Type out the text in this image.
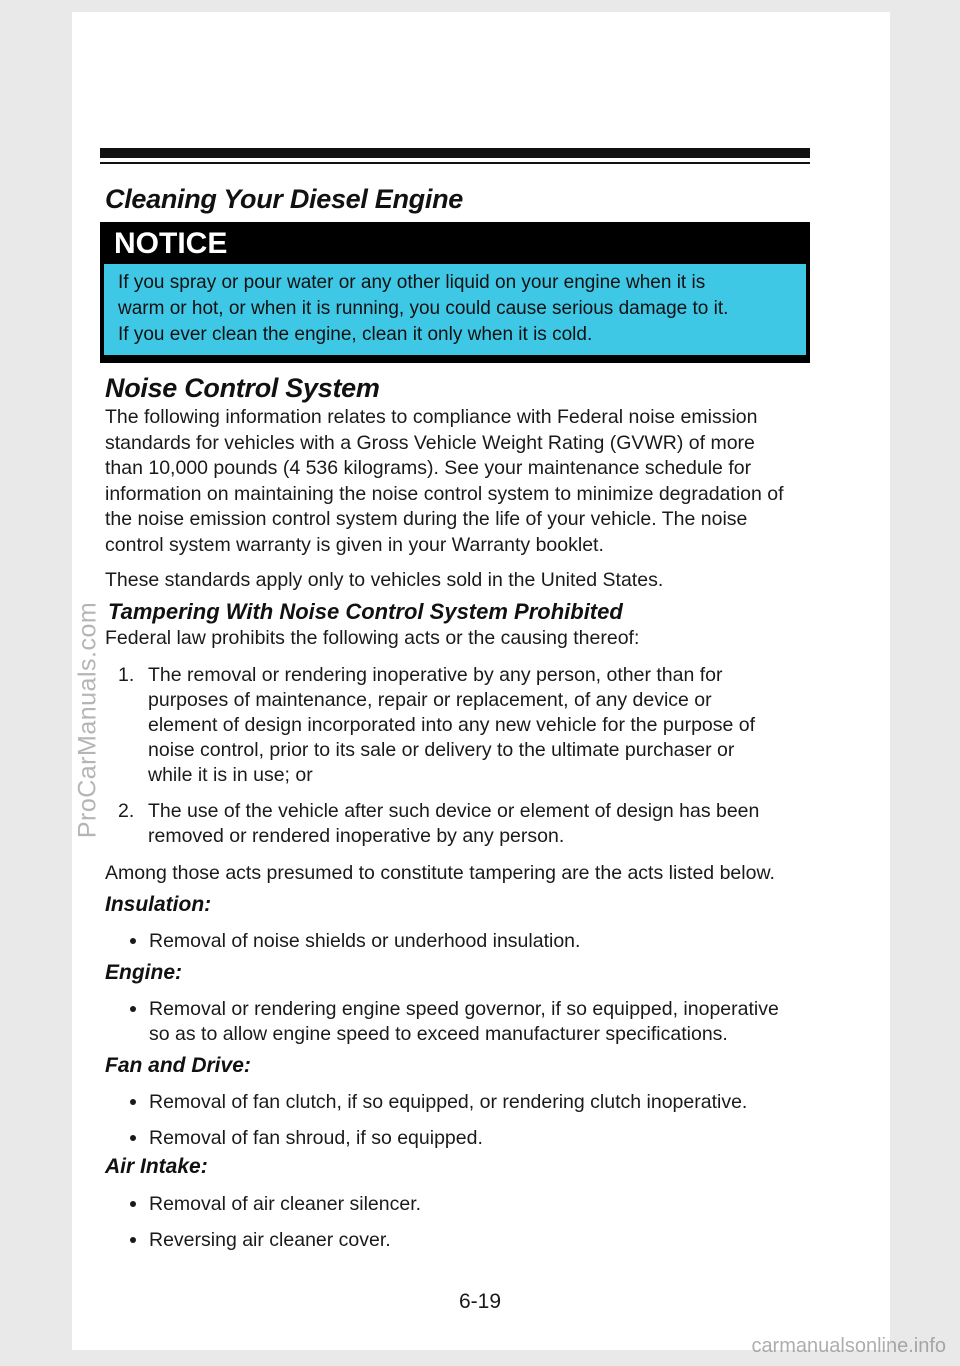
Cleaning Your Diesel Engine
NOTICE
If you spray or pour water or any other liquid on your engine when it is
warm or hot, or when it is running, you could cause serious damage to it.
If you ever clean the engine, clean it only when it is cold.
Noise Control System
The following information relates to compliance with Federal noise emission
standards for vehicles with a Gross Vehicle Weight Rating (GVWR) of more
than 10,000 pounds (4 536 kilograms). See your maintenance schedule for
information on maintaining the noise control system to minimize degradation of
the noise emission control system during the life of your vehicle. The noise
control system warranty is given in your Warranty booklet.

These standards apply only to vehicles sold in the United States.

Tampering With Noise Control System Prohibited

Federal law prohibits the following acts or the causing thereof:

1. The removal or rendering inoperative by any person, other than for
purposes of maintenance, repair or replacement, of any device or
element of design incorporated into any new vehicle for the purpose of
noise control, prior to its sale or delivery to the ultimate purchaser or
while it is in use; or
2. The use of the vehicle after such device or element of design has been
removed or rendered inoperative by any person.

Among those acts presumed to constitute tampering are the acts listed below.

Insulation:
Removal of noise shields or underhood insulation.
Engine:
Removal or rendering engine speed governor, if so equipped, inoperative so as to allow engine speed to exceed manufacturer specifications.
Fan and Drive:
Removal of fan clutch, if so equipped, or rendering clutch inoperative.
Removal of fan shroud, if so equipped.
Air Intake:
Removal of air cleaner silencer.
Reversing air cleaner cover.
6-19
ProCarManuals.com
carmanualsonline.info
